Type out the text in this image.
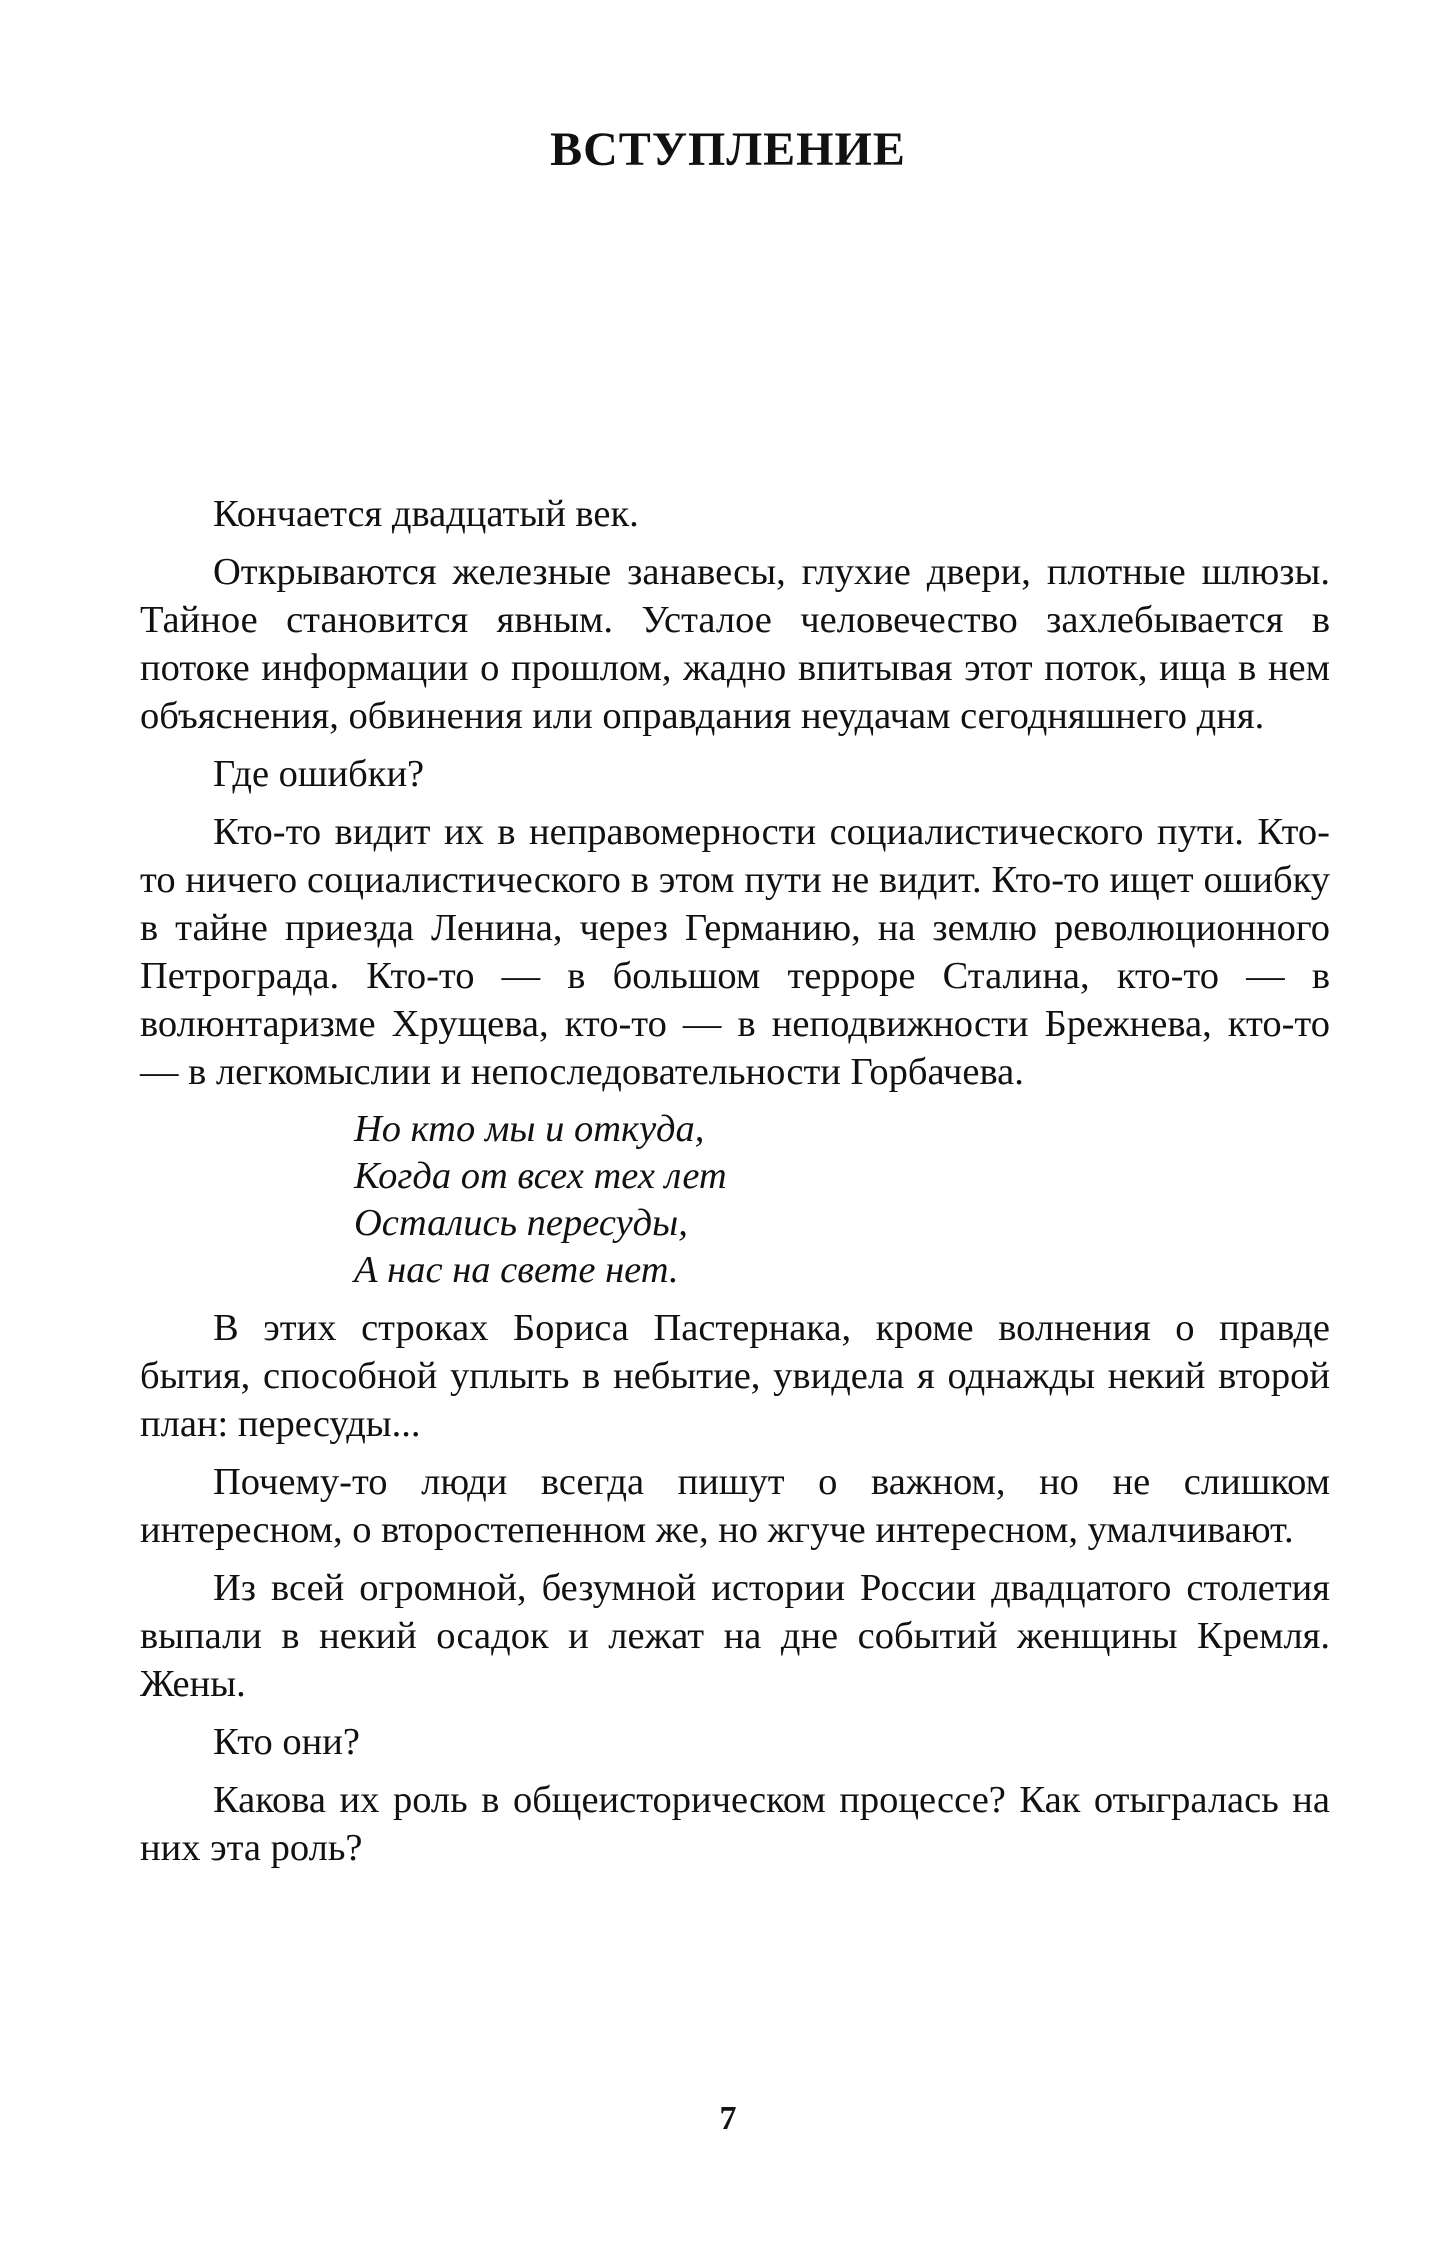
ВСТУПЛЕНИЕ

Кончается двадцатый век.

Открываются железные занавесы, глухие двери, плотные шлюзы. Тайное становится явным. Усталое человечество захлебывается в потоке информации о прошлом, жадно впитывая этот поток, ища в нем объяснения, обвинения или оправдания неудачам сегодняшнего дня.

Где ошибки?

Кто-то видит их в неправомерности социалистического пути. Кто-то ничего социалистического в этом пути не видит. Кто-то ищет ошибку в тайне приезда Ленина, через Германию, на землю революционного Петрограда. Кто-то — в большом терроре Сталина, кто-то — в волюнтаризме Хрущева, кто-то — в неподвижности Брежнева, кто-то — в легкомыслии и непоследовательности Горбачева.

Но кто мы и откуда,
Когда от всех тех лет
Остались пересуды,
А нас на свете нет.

В этих строках Бориса Пастернака, кроме волнения о правде бытия, способной уплыть в небытие, увидела я однажды некий второй план: пересуды...

Почему-то люди всегда пишут о важном, но не слишком интересном, о второстепенном же, но жгуче интересном, умалчивают.

Из всей огромной, безумной истории России двадцатого столетия выпали в некий осадок и лежат на дне событий женщины Кремля. Жены.

Кто они?

Какова их роль в общеисторическом процессе? Как отыгралась на них эта роль?

7
